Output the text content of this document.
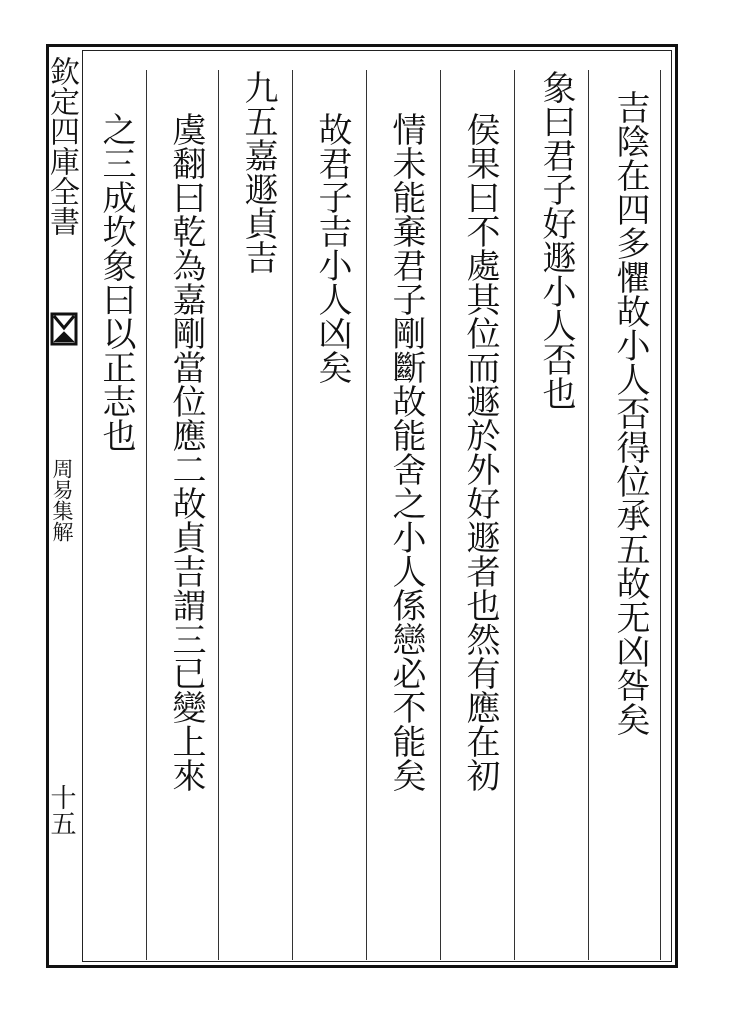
欽定四庫全書
周易集解
十五
吉陰在四多懼故小人否得位承五故无凶咎矣
象曰君子好遯小人否也
侯果曰不處其位而遯於外好遯者也然有應在初
情未能棄君子剛斷故能舍之小人係戀必不能矣
故君子吉小人凶矣
九五嘉遯貞吉
虞翻曰乾為嘉剛當位應二故貞吉謂三已變上來
之三成坎象曰以正志也
